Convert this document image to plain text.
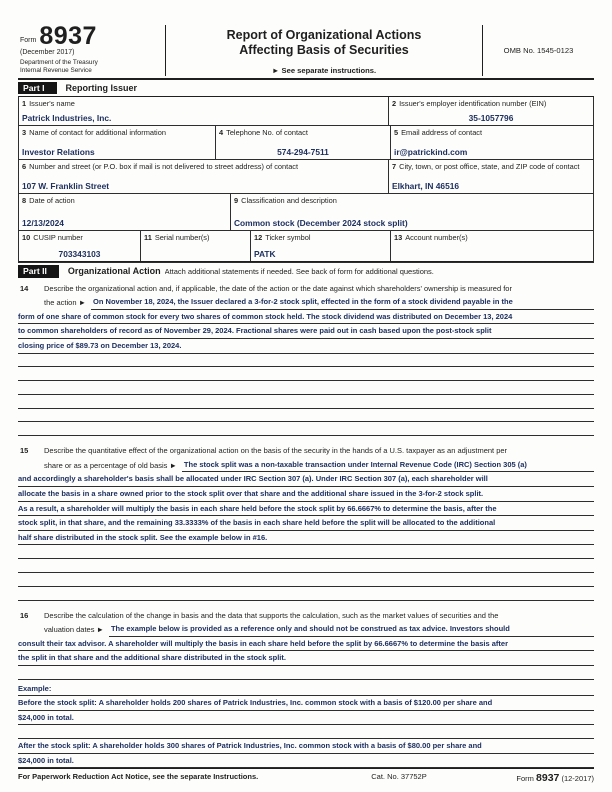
Form 8937
(December 2017)
Department of the Treasury
Internal Revenue Service
Report of Organizational Actions
Affecting Basis of Securities
► See separate instructions.
OMB No. 1545-0123
Part I	Reporting Issuer
1 Issuer's name
Patrick Industries, Inc.
2 Issuer's employer identification number (EIN)
35-1057796
3 Name of contact for additional information
Investor Relations
4 Telephone No. of contact
574-294-7511
5 Email address of contact
ir@patrickind.com
6 Number and street (or P.O. box if mail is not delivered to street address) of contact
107 W. Franklin Street
7 City, town, or post office, state, and ZIP code of contact
Elkhart, IN 46516
8 Date of action
12/13/2024
9 Classification and description
Common stock (December 2024 stock split)
10 CUSIP number
703343103
11 Serial number(s)	12 Ticker symbol
PATK
13 Account number(s)
Part II	Organizational Action Attach additional statements if needed. See back of form for additional questions.
14	Describe the organizational action and, if applicable, the date of the action or the date against which shareholders' ownership is measured for
the action ► On November 18, 2024, the Issuer declared a 3-for-2 stock split, effected in the form of a stock dividend payable in the
form of one share of common stock for every two shares of common stock held. The stock dividend was distributed on December 13, 2024
to common shareholders of record as of November 29, 2024. Fractional shares were paid out in cash based upon the post-stock split
closing price of $89.73 on December 13, 2024.
15	Describe the quantitative effect of the organizational action on the basis of the security in the hands of a U.S. taxpayer as an adjustment per
share or as a percentage of old basis ► The stock split was a non-taxable transaction under Internal Revenue Code (IRC) Section 305 (a)
and accordingly a shareholder's basis shall be allocated under IRC Section 307 (a). Under IRC Section 307 (a), each shareholder will
allocate the basis in a share owned prior to the stock split over that share and the additional share issued in the 3-for-2 stock split.
As a result, a shareholder will multiply the basis in each share held before the stock split by 66.6667% to determine the basis, after the
stock split, in that share, and the remaining 33.3333% of the basis in each share held before the split will be allocated to the additional
half share distributed in the stock split. See the example below in #16.
16	Describe the calculation of the change in basis and the data that supports the calculation, such as the market values of securities and the
valuation dates ► The example below is provided as a reference only and should not be construed as tax advice. Investors should
consult their tax advisor. A shareholder will multiply the basis in each share held before the split by 66.6667% to determine the basis after
the split in that share and the additional share distributed in the stock split.
Example:
Before the stock split: A shareholder holds 200 shares of Patrick Industries, Inc. common stock with a basis of $120.00 per share and
$24,000 in total.
After the stock split: A shareholder holds 300 shares of Patrick Industries, Inc. common stock with a basis of $80.00 per share and
$24,000 in total.
For Paperwork Reduction Act Notice, see the separate Instructions.	Cat. No. 37752P	Form 8937 (12-2017)
